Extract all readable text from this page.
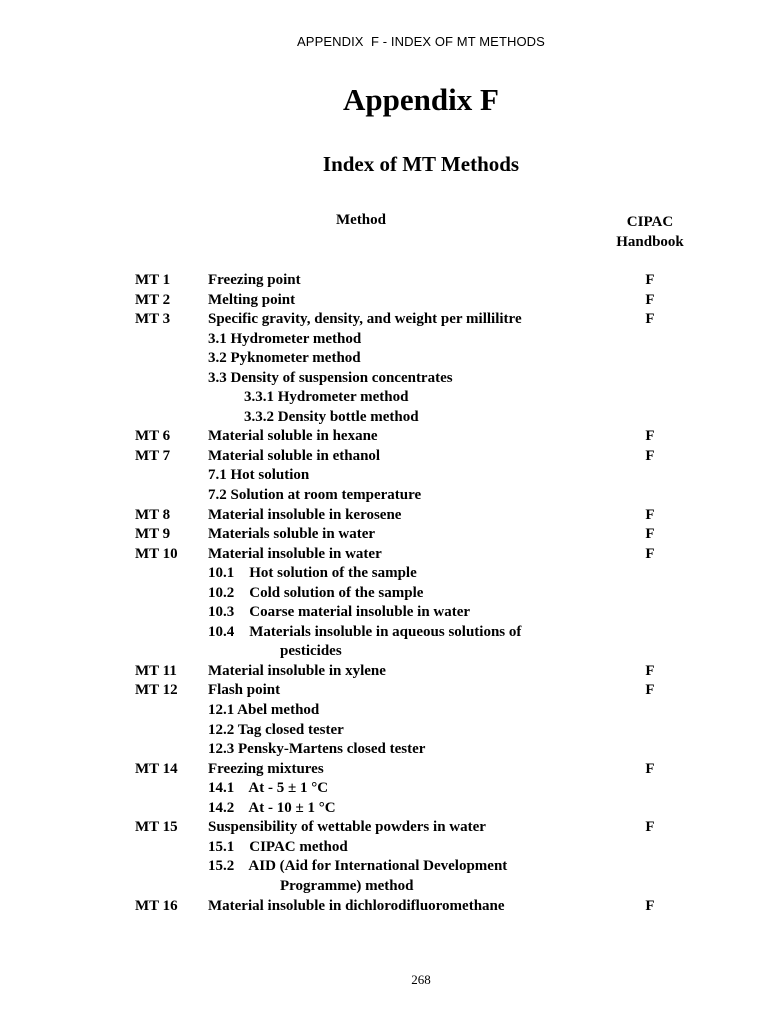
APPENDIX  F - INDEX OF MT METHODS
Appendix F
Index of MT Methods
Method	CIPAC
Handbook
MT 1	Freezing point	F
MT 2	Melting point	F
MT 3	Specific gravity, density, and weight per millilitre	F
3.1 Hydrometer method
3.2 Pyknometer method
3.3 Density of suspension concentrates
3.3.1 Hydrometer method
3.3.2 Density bottle method
MT 6	Material soluble in hexane	F
MT 7	Material soluble in ethanol	F
7.1 Hot solution
7.2 Solution at room temperature
MT 8	Material insoluble in kerosene	F
MT 9	Materials soluble in water	F
MT 10 Material insoluble in water	F
10.1    Hot solution of the sample
10.2    Cold solution of the sample
10.3    Coarse material insoluble in water
10.4    Materials insoluble in aqueous solutions of
pesticides
MT 11 Material insoluble in xylene	F
MT 12 Flash point	F
12.1 Abel method
12.2 Tag closed tester
12.3 Pensky-Martens closed tester
MT 14 Freezing mixtures	F
14.1    At - 5 ± 1 °C
14.2    At - 10 ± 1 °C
MT 15 Suspensibility of wettable powders in water	F
15.1    CIPAC method
15.2    AID (Aid for International Development
Programme) method
MT 16 Material insoluble in dichlorodifluoromethane	F
268
